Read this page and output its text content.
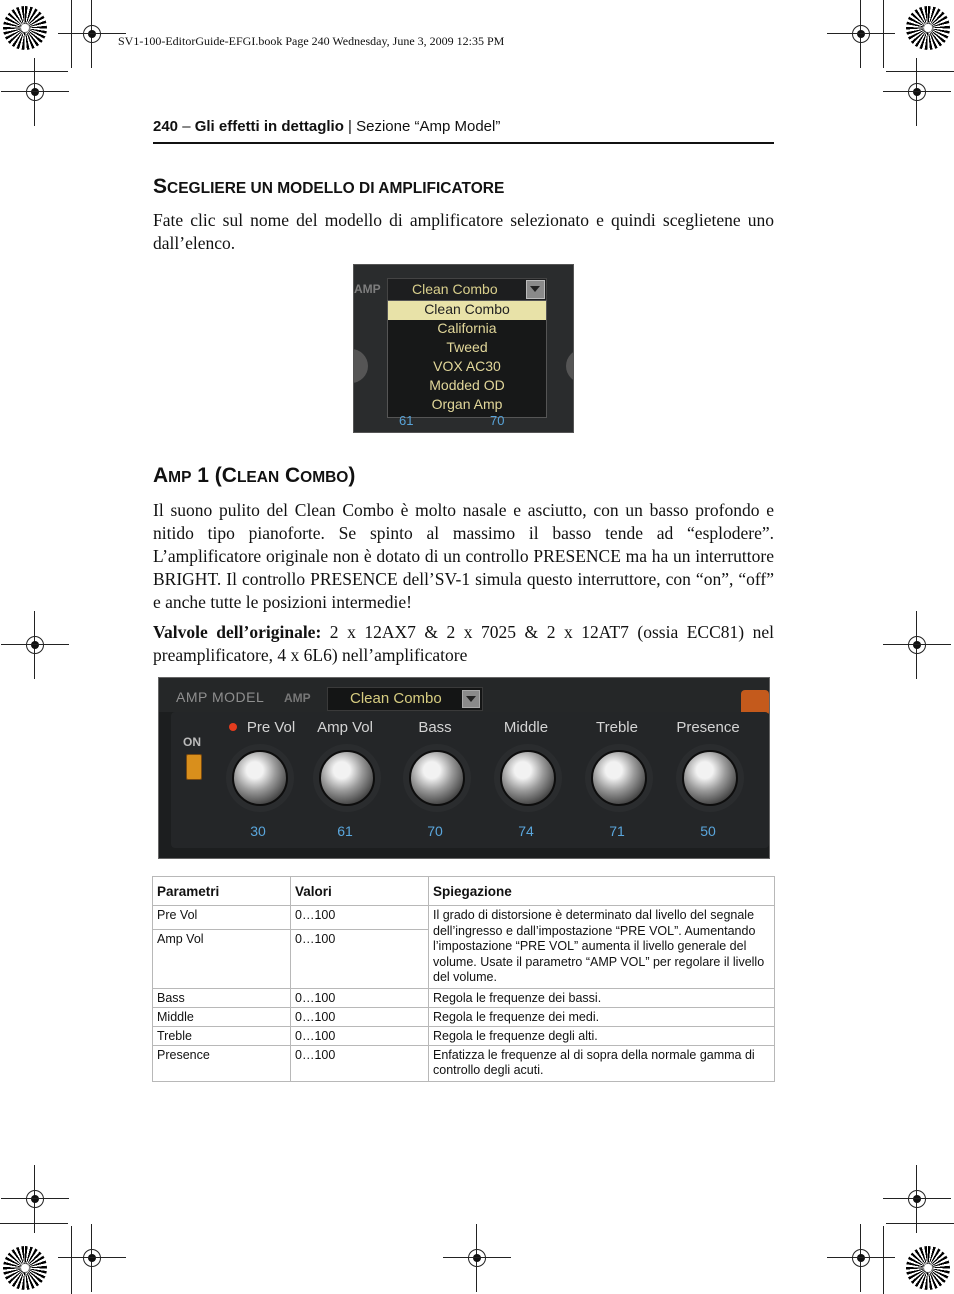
SV1-100-EditorGuide-EFGI.book Page 240 Wednesday, June 3, 2009 12:35 PM
240 – Gli effetti in dettaglio | Sezione “Amp Model”
SCEGLIERE UN MODELLO DI AMPLIFICATORE
Fate clic sul nome del modello di amplificatore selezionato e quindi sceglietene uno dall’elenco.
AMP Clean Combo
Clean Combo
California
Tweed
VOX AC30
Modded OD
Organ Amp
61	70
AMP 1 (CLEAN COMBO)
Il suono pulito del Clean Combo è molto nasale e asciutto, con un basso profondo e nitido tipo pianoforte. Se spinto al massimo il basso tende ad “esplodere”. L’amplificatore originale non è dotato di un controllo PRESENCE ma ha un interruttore BRIGHT. Il controllo PRESENCE dell’SV-1 simula questo interruttore, con “on”, “off” e anche tutte le posizioni intermedie!
Valvole dell’originale: 2 x 12AX7 & 2 x 7025 & 2 x 12AT7 (ossia ECC81) nel preamplificatore, 4 x 6L6) nell’amplificatore
AMP MODEL AMP	Clean Combo
ON
Pre Vol	Amp Vol	Bass	Middle	Treble	Presence
30	61	70	74	71	50
Parametri	Valori	Spiegazione
Pre Vol	0…100	Il grado di distorsione è determinato dal livello del segnale dell’ingresso e dall’impostazione “PRE VOL”. Aumentando l’impostazione “PRE VOL” aumenta il livello generale del volume. Usate il parametro “AMP VOL” per regolare il livello del volume.
Amp Vol	0…100	
Bass	0…100	Regola le frequenze dei bassi.
Middle	0…100	Regola le frequenze dei medi.
Treble	0…100	Regola le frequenze degli alti.
Presence	0…100	Enfatizza le frequenze al di sopra della normale gamma di controllo degli acuti.
